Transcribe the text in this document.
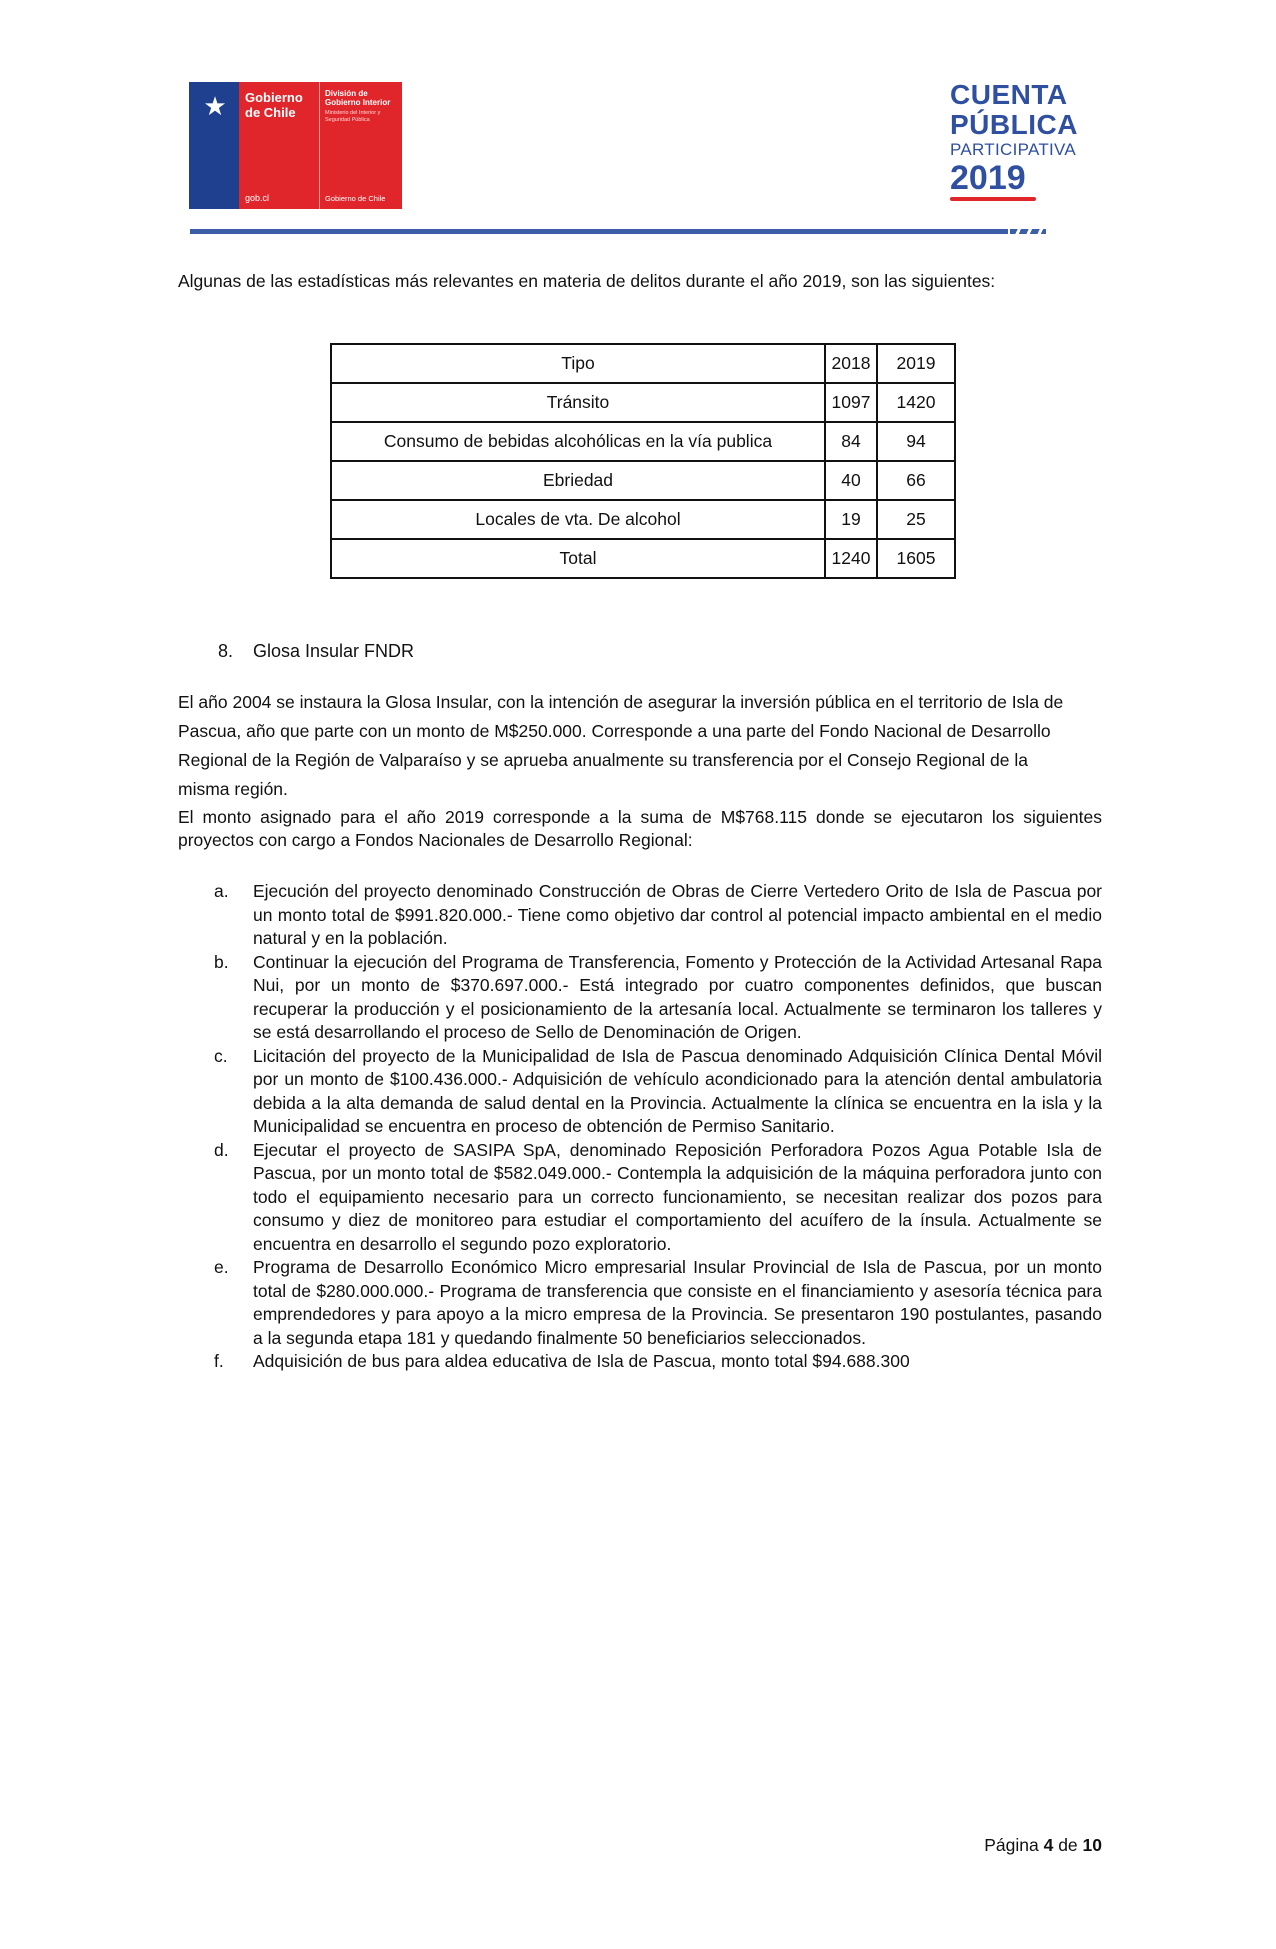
★ Gobierno de Chile
gob.cl
División de Gobierno Interior
Ministerio del Interior y Seguridad Pública
Gobierno de Chile
CUENTA
PÚBLICA
PARTICIPATIVA
2019
Algunas de las estadísticas más relevantes en materia de delitos durante el año 2019, son las siguientes:
Tipo	2018	2019
Tránsito	1097	1420
Consumo de bebidas alcohólicas en la vía publica	84	94
Ebriedad	40	66
Locales de vta. De alcohol	19	25
Total	1240	1605
8. Glosa Insular FNDR
El año 2004 se instaura la Glosa Insular, con la intención de asegurar la inversión pública en el territorio de Isla de Pascua, año que parte con un monto de M$250.000. Corresponde a una parte del Fondo Nacional de Desarrollo Regional de la Región de Valparaíso y se aprueba anualmente su transferencia por el Consejo Regional de la misma región.
El monto asignado para el año 2019 corresponde a la suma de M$768.115 donde se ejecutaron los siguientes proyectos con cargo a Fondos Nacionales de Desarrollo Regional:
a.	Ejecución del proyecto denominado Construcción de Obras de Cierre Vertedero Orito de Isla de Pascua por un monto total de $991.820.000.- Tiene como objetivo dar control al potencial impacto ambiental en el medio natural y en la población.
b.	Continuar la ejecución del Programa de Transferencia, Fomento y Protección de la Actividad Artesanal Rapa Nui, por un monto de $370.697.000.- Está integrado por cuatro componentes definidos, que buscan recuperar la producción y el posicionamiento de la artesanía local. Actualmente se terminaron los talleres y se está desarrollando el proceso de Sello de Denominación de Origen.
c.	Licitación del proyecto de la Municipalidad de Isla de Pascua denominado Adquisición Clínica Dental Móvil por un monto de $100.436.000.- Adquisición de vehículo acondicionado para la atención dental ambulatoria debida a la alta demanda de salud dental en la Provincia. Actualmente la clínica se encuentra en la isla y la Municipalidad se encuentra en proceso de obtención de Permiso Sanitario.
d.	Ejecutar el proyecto de SASIPA SpA, denominado Reposición Perforadora Pozos Agua Potable Isla de Pascua, por un monto total de $582.049.000.- Contempla la adquisición de la máquina perforadora junto con todo el equipamiento necesario para un correcto funcionamiento, se necesitan realizar dos pozos para consumo y diez de monitoreo para estudiar el comportamiento del acuífero de la ínsula. Actualmente se encuentra en desarrollo el segundo pozo exploratorio.
e.	Programa de Desarrollo Económico Micro empresarial Insular Provincial de Isla de Pascua, por un monto total de $280.000.000.- Programa de transferencia que consiste en el financiamiento y asesoría técnica para emprendedores y para apoyo a la micro empresa de la Provincia. Se presentaron 190 postulantes, pasando a la segunda etapa 181 y quedando finalmente 50 beneficiarios seleccionados.
f.	Adquisición de bus para aldea educativa de Isla de Pascua, monto total $94.688.300
Página 4 de 10
